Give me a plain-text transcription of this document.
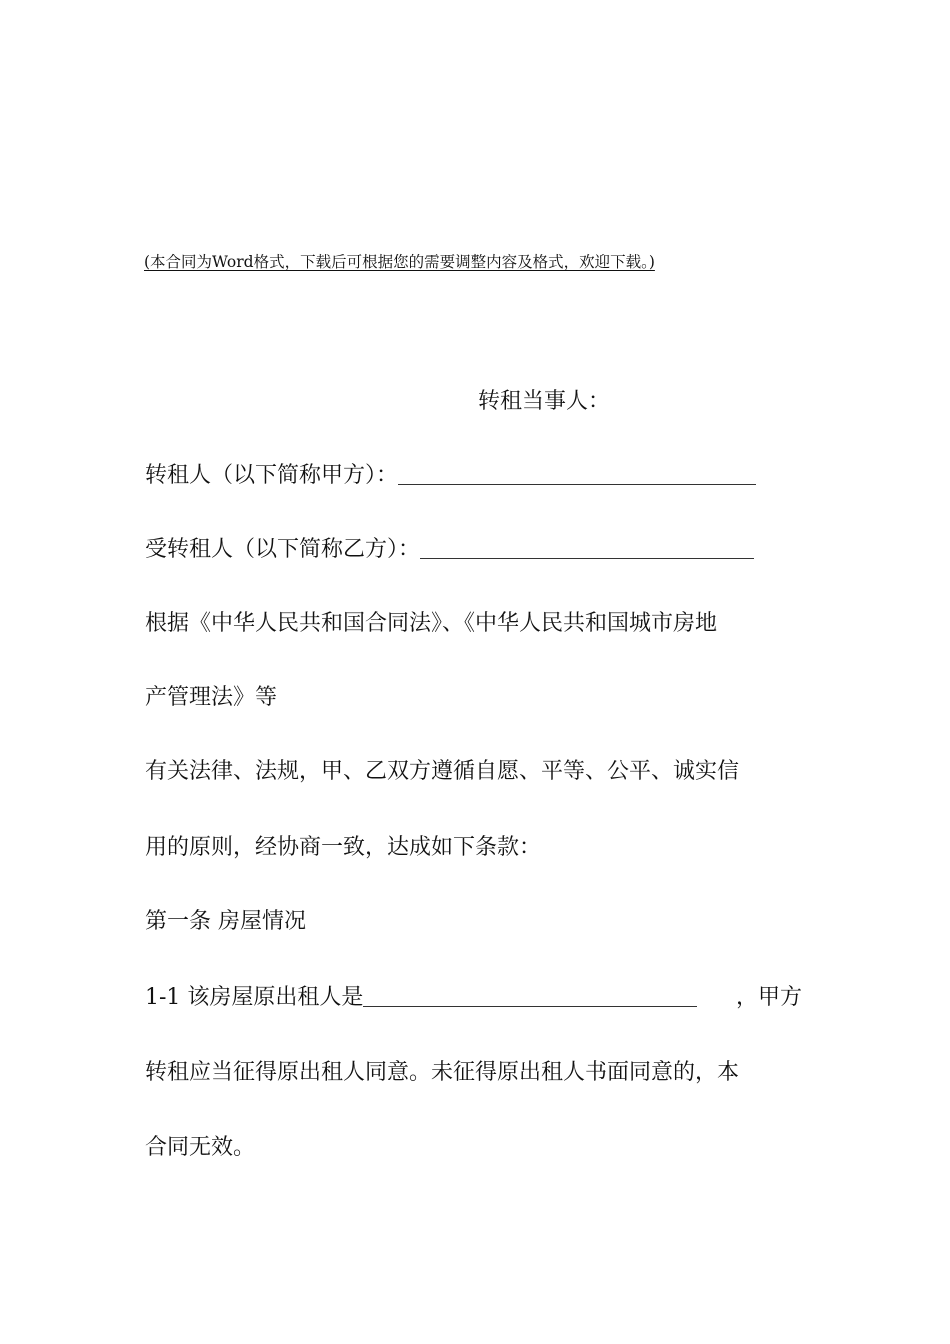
(本合同为Word格式，下载后可根据您的需要调整内容及格式，欢迎下载。)
转租当事人：
转租人（以下简称甲方）：
受转租人（以下简称乙方）：
根据《中华人民共和国合同法》、《中华人民共和国城市房地
产管理法》等
有关法律、法规，甲、乙双方遵循自愿、平等、公平、诚实信
用的原则，经协商一致，达成如下条款：
第一条 房屋情况
1-1 该房屋原出租人是	，甲方
转租应当征得原出租人同意。未征得原出租人书面同意的，本
合同无效。
